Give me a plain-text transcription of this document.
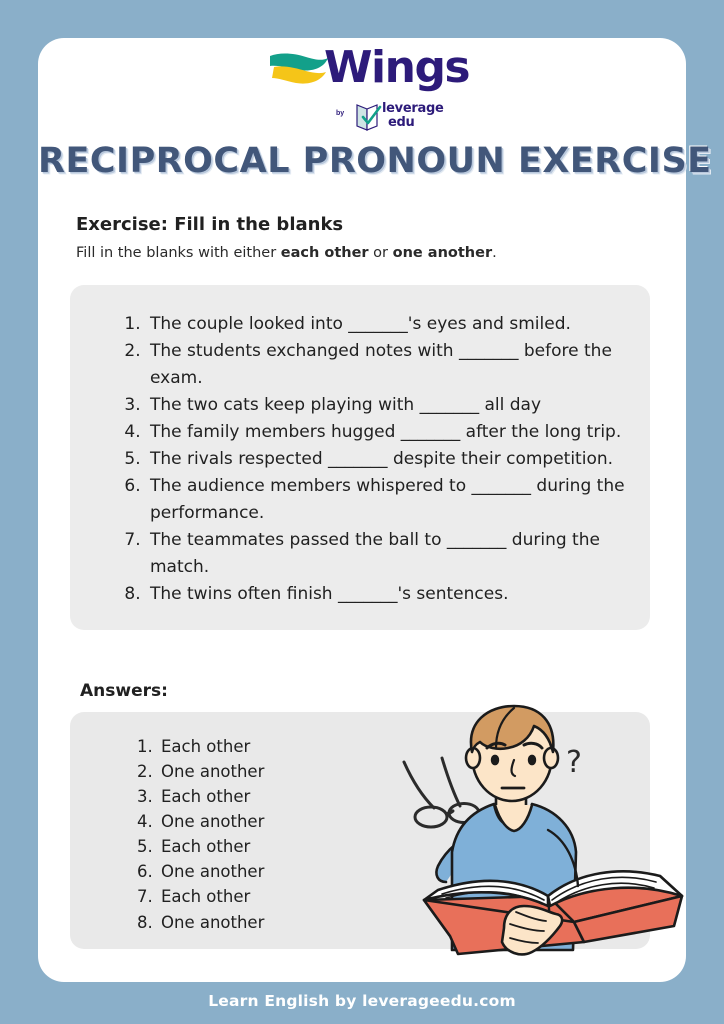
Wings
by	leverage
edu
RECIPROCAL PRONOUN EXERCISE
Exercise: Fill in the blanks
Fill in the blanks with either each other or one another.
1. The couple looked into _______'s eyes and smiled.
2. The students exchanged notes with _______ before the exam.
3. The two cats keep playing with _______ all day
4. The family members hugged _______ after the long trip.
5. The rivals respected _______ despite their competition.
6. The audience members whispered to _______ during the performance.
7. The teammates passed the ball to _______ during the match.
8. The twins often finish _______'s sentences.
Answers:
1. Each other
2. One another
3. Each other
4. One another
5. Each other
6. One another
7. Each other
8. One another
?
Learn English by leverageedu.com
